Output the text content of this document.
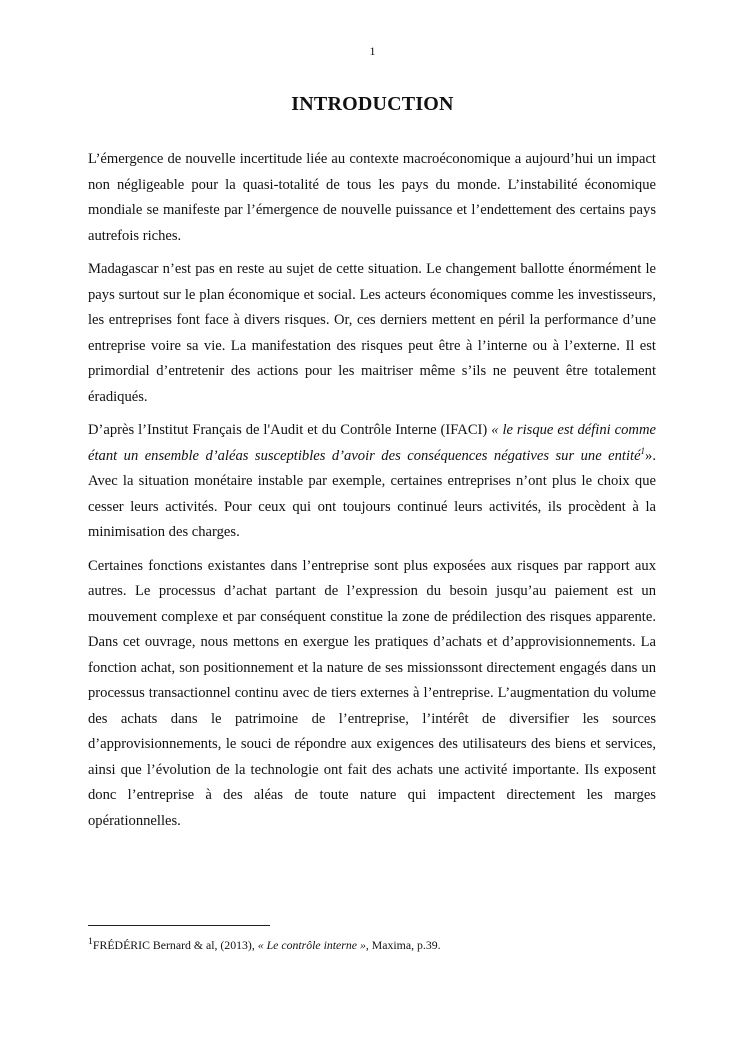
1
INTRODUCTION

L’émergence de nouvelle incertitude liée au contexte macroéconomique a aujourd’hui un impact non négligeable pour la quasi-totalité de tous les pays du monde. L’instabilité économique mondiale se manifeste par l’émergence de nouvelle puissance et l’endettement des certains pays autrefois riches.

Madagascar n’est pas en reste au sujet de cette situation. Le changement ballotte énormément le pays surtout sur le plan économique et social. Les acteurs économiques comme les investisseurs, les entreprises font face à divers risques. Or, ces derniers mettent en péril la performance d’une entreprise voire sa vie. La manifestation des risques peut être à l’interne ou à l’externe. Il est primordial d’entretenir des actions pour les maitriser même s’ils ne peuvent être totalement éradiqués.

D’après l’Institut Français de l'Audit et du Contrôle Interne (IFACI) « le risque est défini comme étant un ensemble d’aléas susceptibles d’avoir des conséquences négatives sur une entité$^1$». Avec la situation monétaire instable par exemple, certaines entreprises n’ont plus le choix que cesser leurs activités. Pour ceux qui ont toujours continué leurs activités, ils procèdent à la minimisation des charges.

Certaines fonctions existantes dans l’entreprise sont plus exposées aux risques par rapport aux autres. Le processus d’achat partant de l’expression du besoin jusqu’au paiement est un mouvement complexe et par conséquent constitue la zone de prédilection des risques apparente. Dans cet ouvrage, nous mettons en exergue les pratiques d’achats et d’approvisionnements. La fonction achat, son positionnement et la nature de ses missionssont directement engagés dans un processus transactionnel continu avec de tiers externes à l’entreprise. L’augmentation du volume des achats dans le patrimoine de l’entreprise, l’intérêt de diversifier les sources d’approvisionnements, le souci de répondre aux exigences des utilisateurs des biens et services, ainsi que l’évolution de la technologie ont fait des achats une activité importante. Ils exposent donc l’entreprise à des aléas de toute nature qui impactent directement les marges opérationnelles.

$^1$FRÉDÉRIC Bernard & al, (2013), « Le contrôle interne », Maxima, p.39.
